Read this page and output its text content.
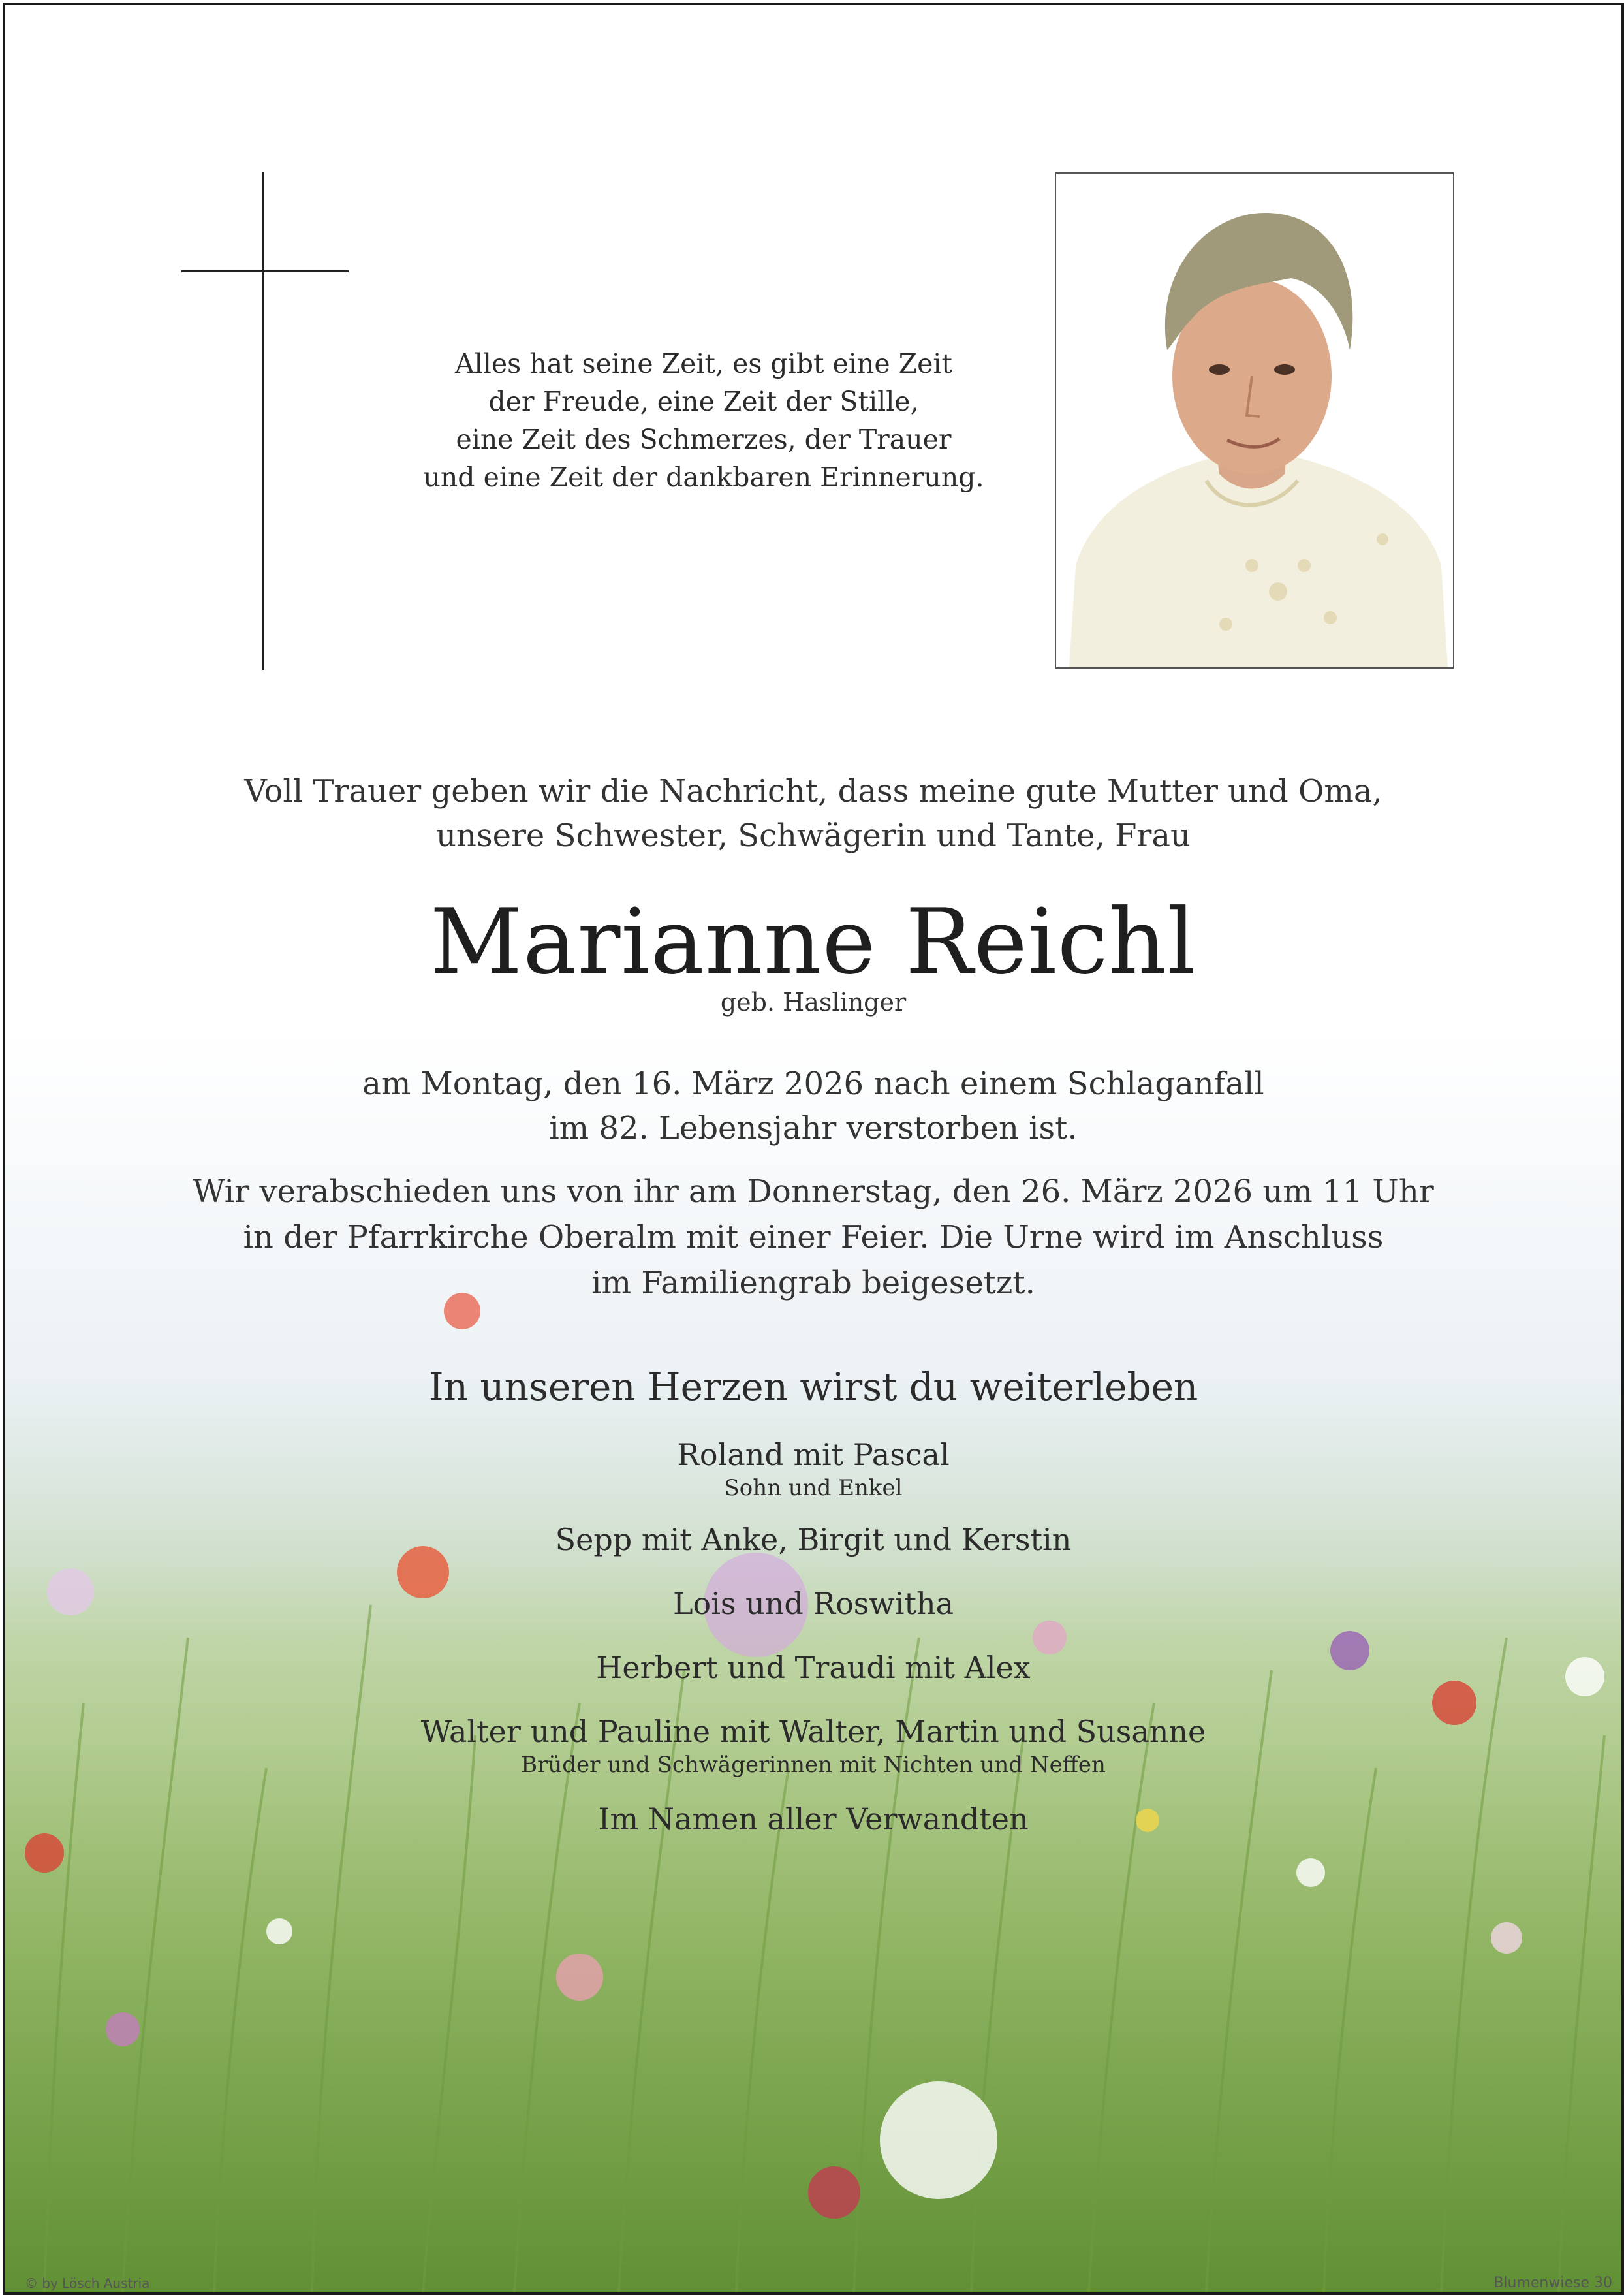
Alles hat seine Zeit, es gibt eine Zeit
der Freude, eine Zeit der Stille,
eine Zeit des Schmerzes, der Trauer
und eine Zeit der dankbaren Erinnerung.
Voll Trauer geben wir die Nachricht, dass meine gute Mutter und Oma,
unsere Schwester, Schwägerin und Tante, Frau
Marianne Reichl
geb. Haslinger
am Montag, den 16. März 2026 nach einem Schlaganfall
im 82. Lebensjahr verstorben ist.
Wir verabschieden uns von ihr am Donnerstag, den 26. März 2026 um 11 Uhr
in der Pfarrkirche Oberalm mit einer Feier. Die Urne wird im Anschluss
im Familiengrab beigesetzt.
In unseren Herzen wirst du weiterleben
Roland mit Pascal
Sohn und Enkel
Sepp mit Anke, Birgit und Kerstin
Lois und Roswitha
Herbert und Traudi mit Alex
Walter und Pauline mit Walter, Martin und Susanne
Brüder und Schwägerinnen mit Nichten und Neffen
Im Namen aller Verwandten
© by Lösch Austria	Blumenwiese 30
